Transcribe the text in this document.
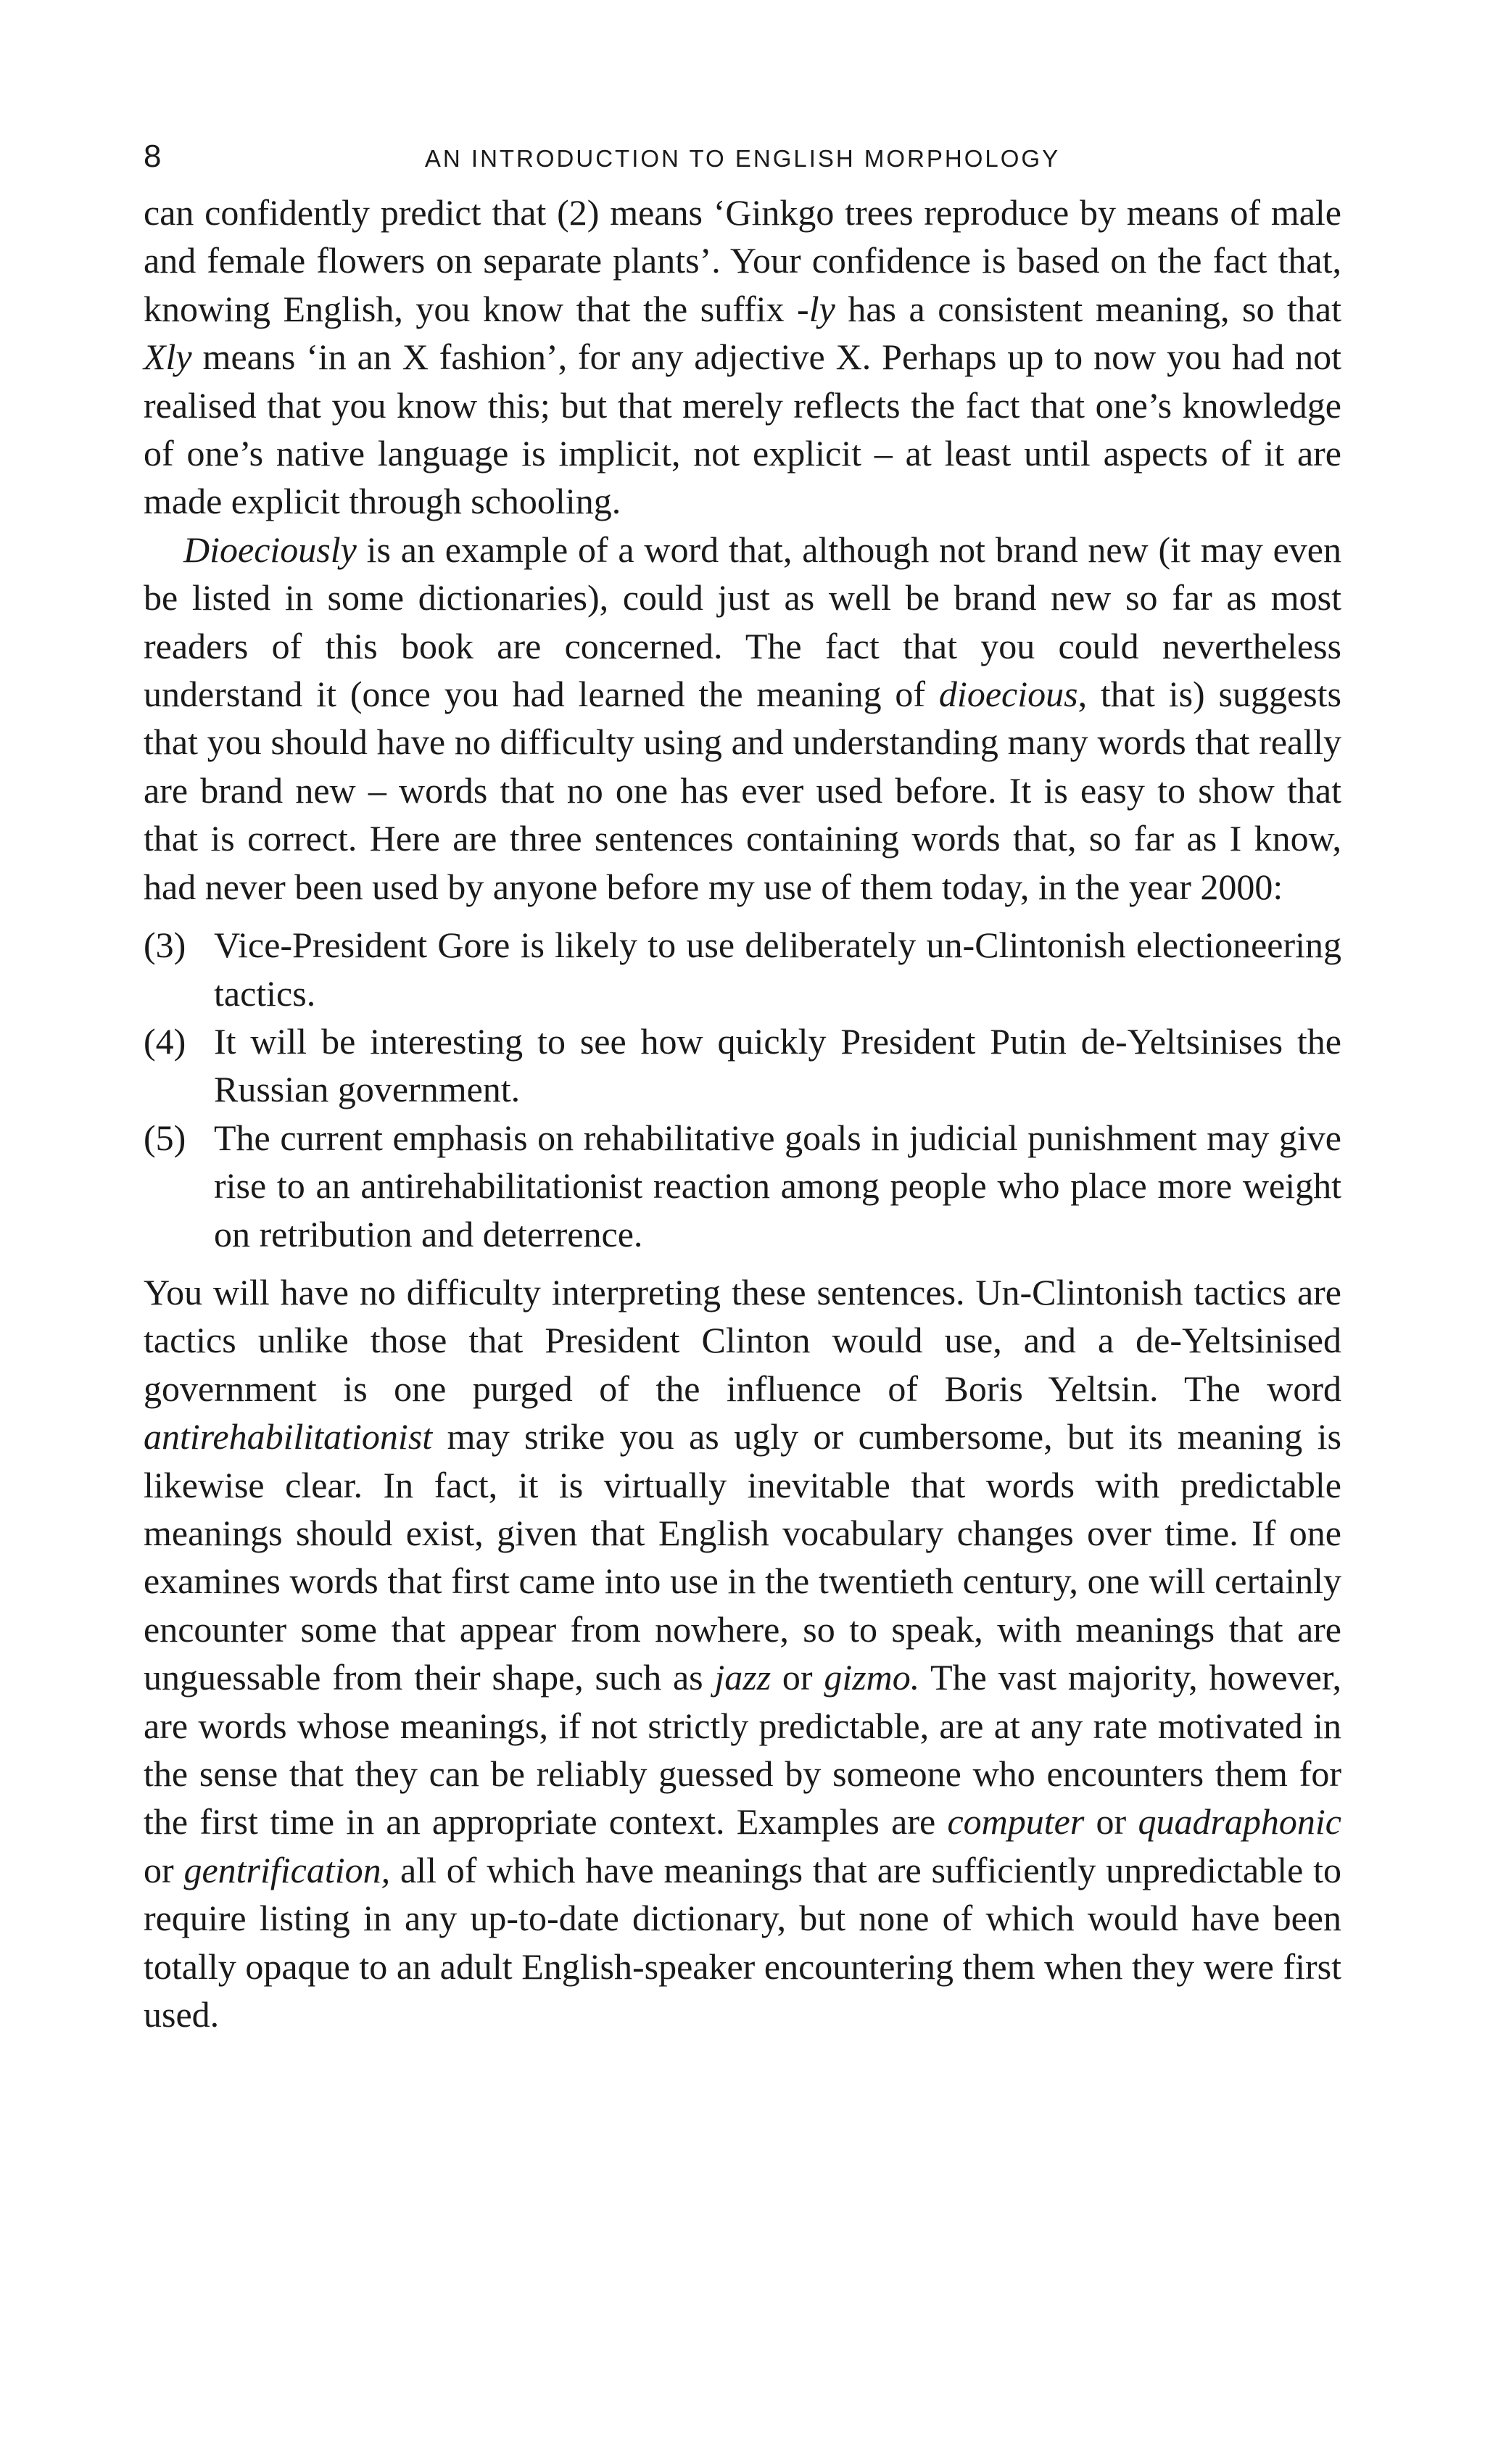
8	AN INTRODUCTION TO ENGLISH MORPHOLOGY

can confidently predict that (2) means ‘Ginkgo trees reproduce by means of male and female flowers on separate plants’. Your confidence is based on the fact that, knowing English, you know that the suffix -ly has a consistent meaning, so that Xly means ‘in an X fashion’, for any adjective X. Perhaps up to now you had not realised that you know this; but that merely reflects the fact that one’s knowledge of one’s native language is implicit, not explicit – at least until aspects of it are made explicit through schooling.

Dioeciously is an example of a word that, although not brand new (it may even be listed in some dictionaries), could just as well be brand new so far as most readers of this book are concerned. The fact that you could nevertheless understand it (once you had learned the meaning of dioecious, that is) suggests that you should have no difficulty using and understanding many words that really are brand new – words that no one has ever used before. It is easy to show that that is correct. Here are three sentences containing words that, so far as I know, had never been used by anyone before my use of them today, in the year 2000:

(3) Vice-President Gore is likely to use deliberately un-Clintonish electioneering tactics.
(4) It will be interesting to see how quickly President Putin de-Yeltsinises the Russian government.
(5) The current emphasis on rehabilitative goals in judicial punishment may give rise to an antirehabilitationist reaction among people who place more weight on retribution and deterrence.

You will have no difficulty interpreting these sentences. Un-Clintonish tactics are tactics unlike those that President Clinton would use, and a de-Yeltsinised government is one purged of the influence of Boris Yeltsin. The word antirehabilitationist may strike you as ugly or cumbersome, but its meaning is likewise clear. In fact, it is virtually inevitable that words with predictable meanings should exist, given that English vocabulary changes over time. If one examines words that first came into use in the twentieth century, one will certainly encounter some that appear from nowhere, so to speak, with meanings that are unguessable from their shape, such as jazz or gizmo. The vast majority, however, are words whose meanings, if not strictly predictable, are at any rate motivated in the sense that they can be reliably guessed by someone who encounters them for the first time in an appropriate context. Examples are computer or quadraphonic or gentrification, all of which have meanings that are sufficiently unpredictable to require listing in any up-to-date dictionary, but none of which would have been totally opaque to an adult English-speaker encountering them when they were first used.
